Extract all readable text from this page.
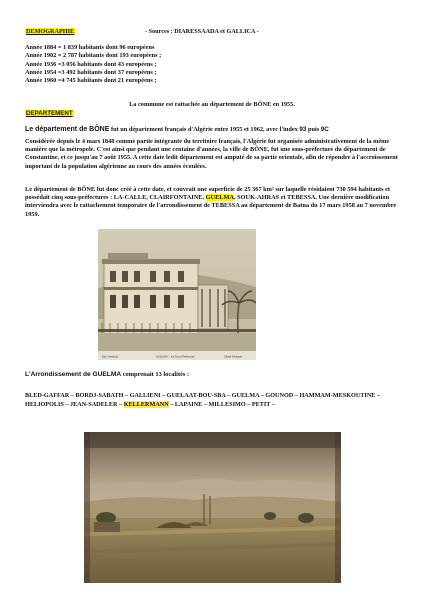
DEMOGRAPHIE	- Sources : DIARESSAADA et GALLICA -
Année 1884 = 1 839 habitants dont 96 européens
Année 1902 = 2 787 habitants dont 193 européens ;
Année 1936 =3 056 habitants dont 43 européens ;
Année 1954 =3 492 habitants dont 37 européens ;
Année 1960 =4 745 habitants dont 21 européens ;
La commune est rattachée au département de BÔNE en 1955.
DEPARTEMENT
Le département de BÔNE fut un département français d'Algérie entre 1955 et 1962, avec l'index 93 puis 9C
Considérée depuis le 4 mars 1848 comme partie intégrante du territoire français, l'Algérie fut organisée administrativement de la même manière que la métropole. C'est ainsi que pendant une centaine d'années, la ville de BÔNE, fut une sous-préfecture du département de Constantine, et ce jusqu'au 7 août 1955. A cette date ledit département est amputé de sa partie orientale, afin de répondre à l'accroissement important de la population algérienne au cours des années écoulées.
Le département de BÔNE fut donc créé à cette date, et couvrait une superficie de 25 367 km² sur laquelle résidaient 730 594 habitants et possédait cinq sous-préfectures : LA-CALLE, CLAIRFONTAINE, GUELMA, SOUK-AHRAS et TEBESSA. Une dernière modification interviendra avec le rattachement temporaire de l'arrondissement de TEBESSA au département de Batna du 17 mars 1958 au 7 novembre 1959.
Edit. Gerbaud	GUELMA – La Sous-Préfecture	Cliché Gerbaud
L'Arrondissement de GUELMA comprenait 13 localités :
BLED-GAFFAR – BORDJ-SABATH – GALLIENI – GUELAAT-BOU-SBA – GUELMA – GOUNOD – HAMMAM-MESKOUTINE – HELIOPOLIS – JEAN-SADELER – KELLERMANN – LAPAINE – MILLESIMO – PETIT –
